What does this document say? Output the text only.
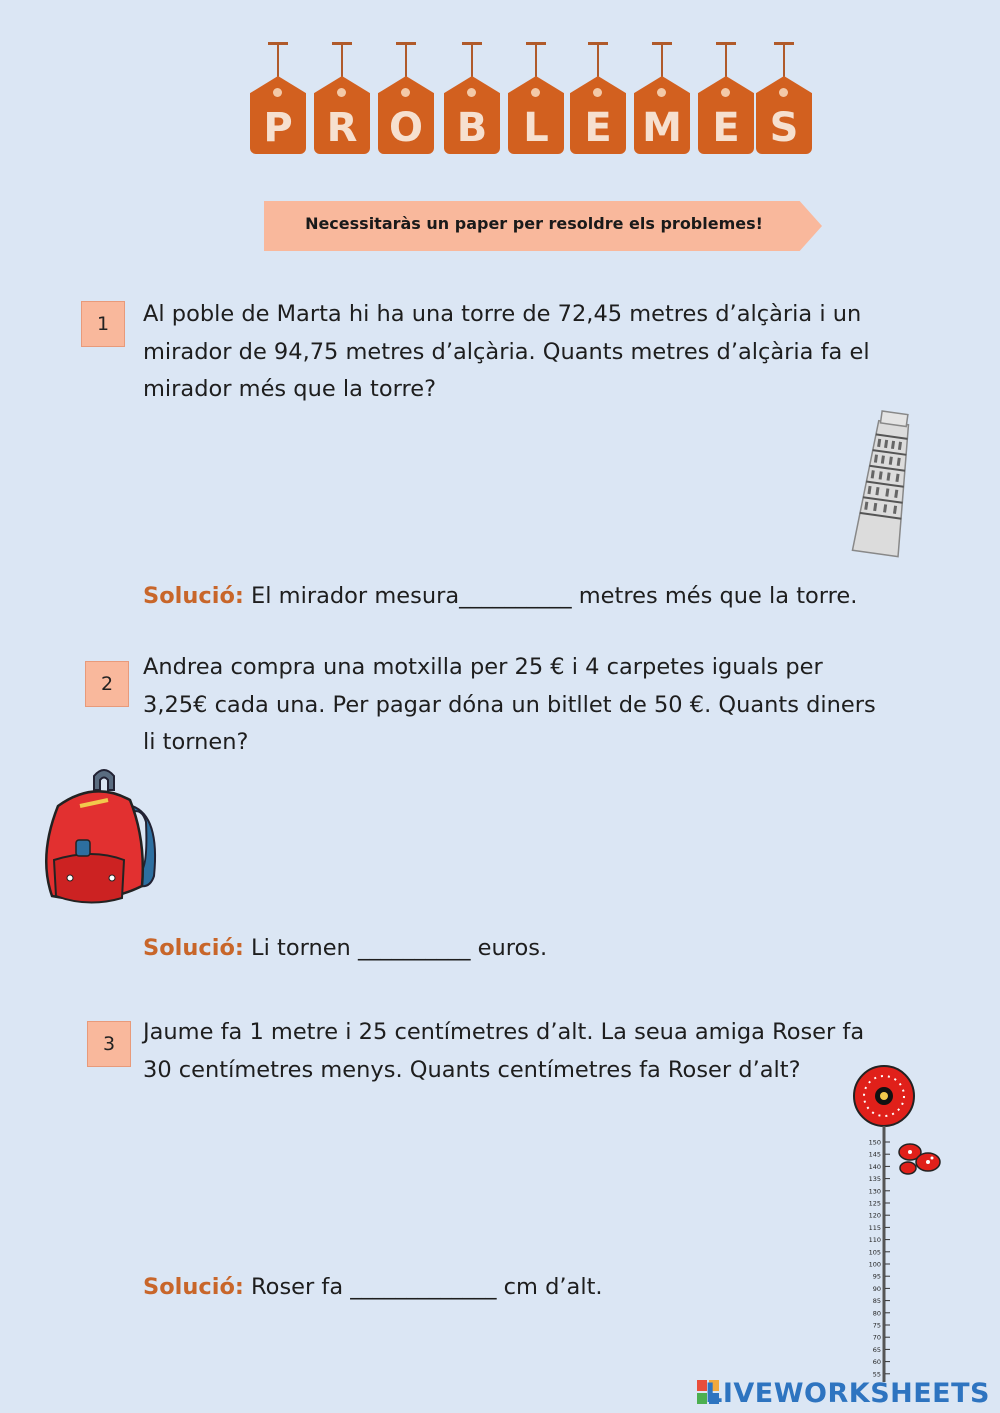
P R O B L E M E S
Necessitaràs un paper per resoldre els problemes!
1	Al poble de Marta hi ha una torre de 72,45 metres d’alçària i un
mirador de 94,75 metres d’alçària. Quants metres d’alçària fa el
mirador més que la torre?
Solució: El mirador mesura__________ metres més que la torre.
2
Andrea compra una motxilla per 25 € i 4 carpetes iguals per
3,25€ cada una. Per pagar dóna un bitllet de 50 €. Quants diners
li tornen?
Solució: Li tornen __________ euros.
3	Jaume fa 1 metre i 25 centímetres d’alt. La seua amiga Roser fa
30 centímetres menys. Quants centímetres fa Roser d’alt?
150
145
140
135
130
125
120
115
110
105
100
95
90
85
80
75
70
65
60
55
Solució: Roser fa _____________ cm d’alt.
LIVEWORKSHEETS
